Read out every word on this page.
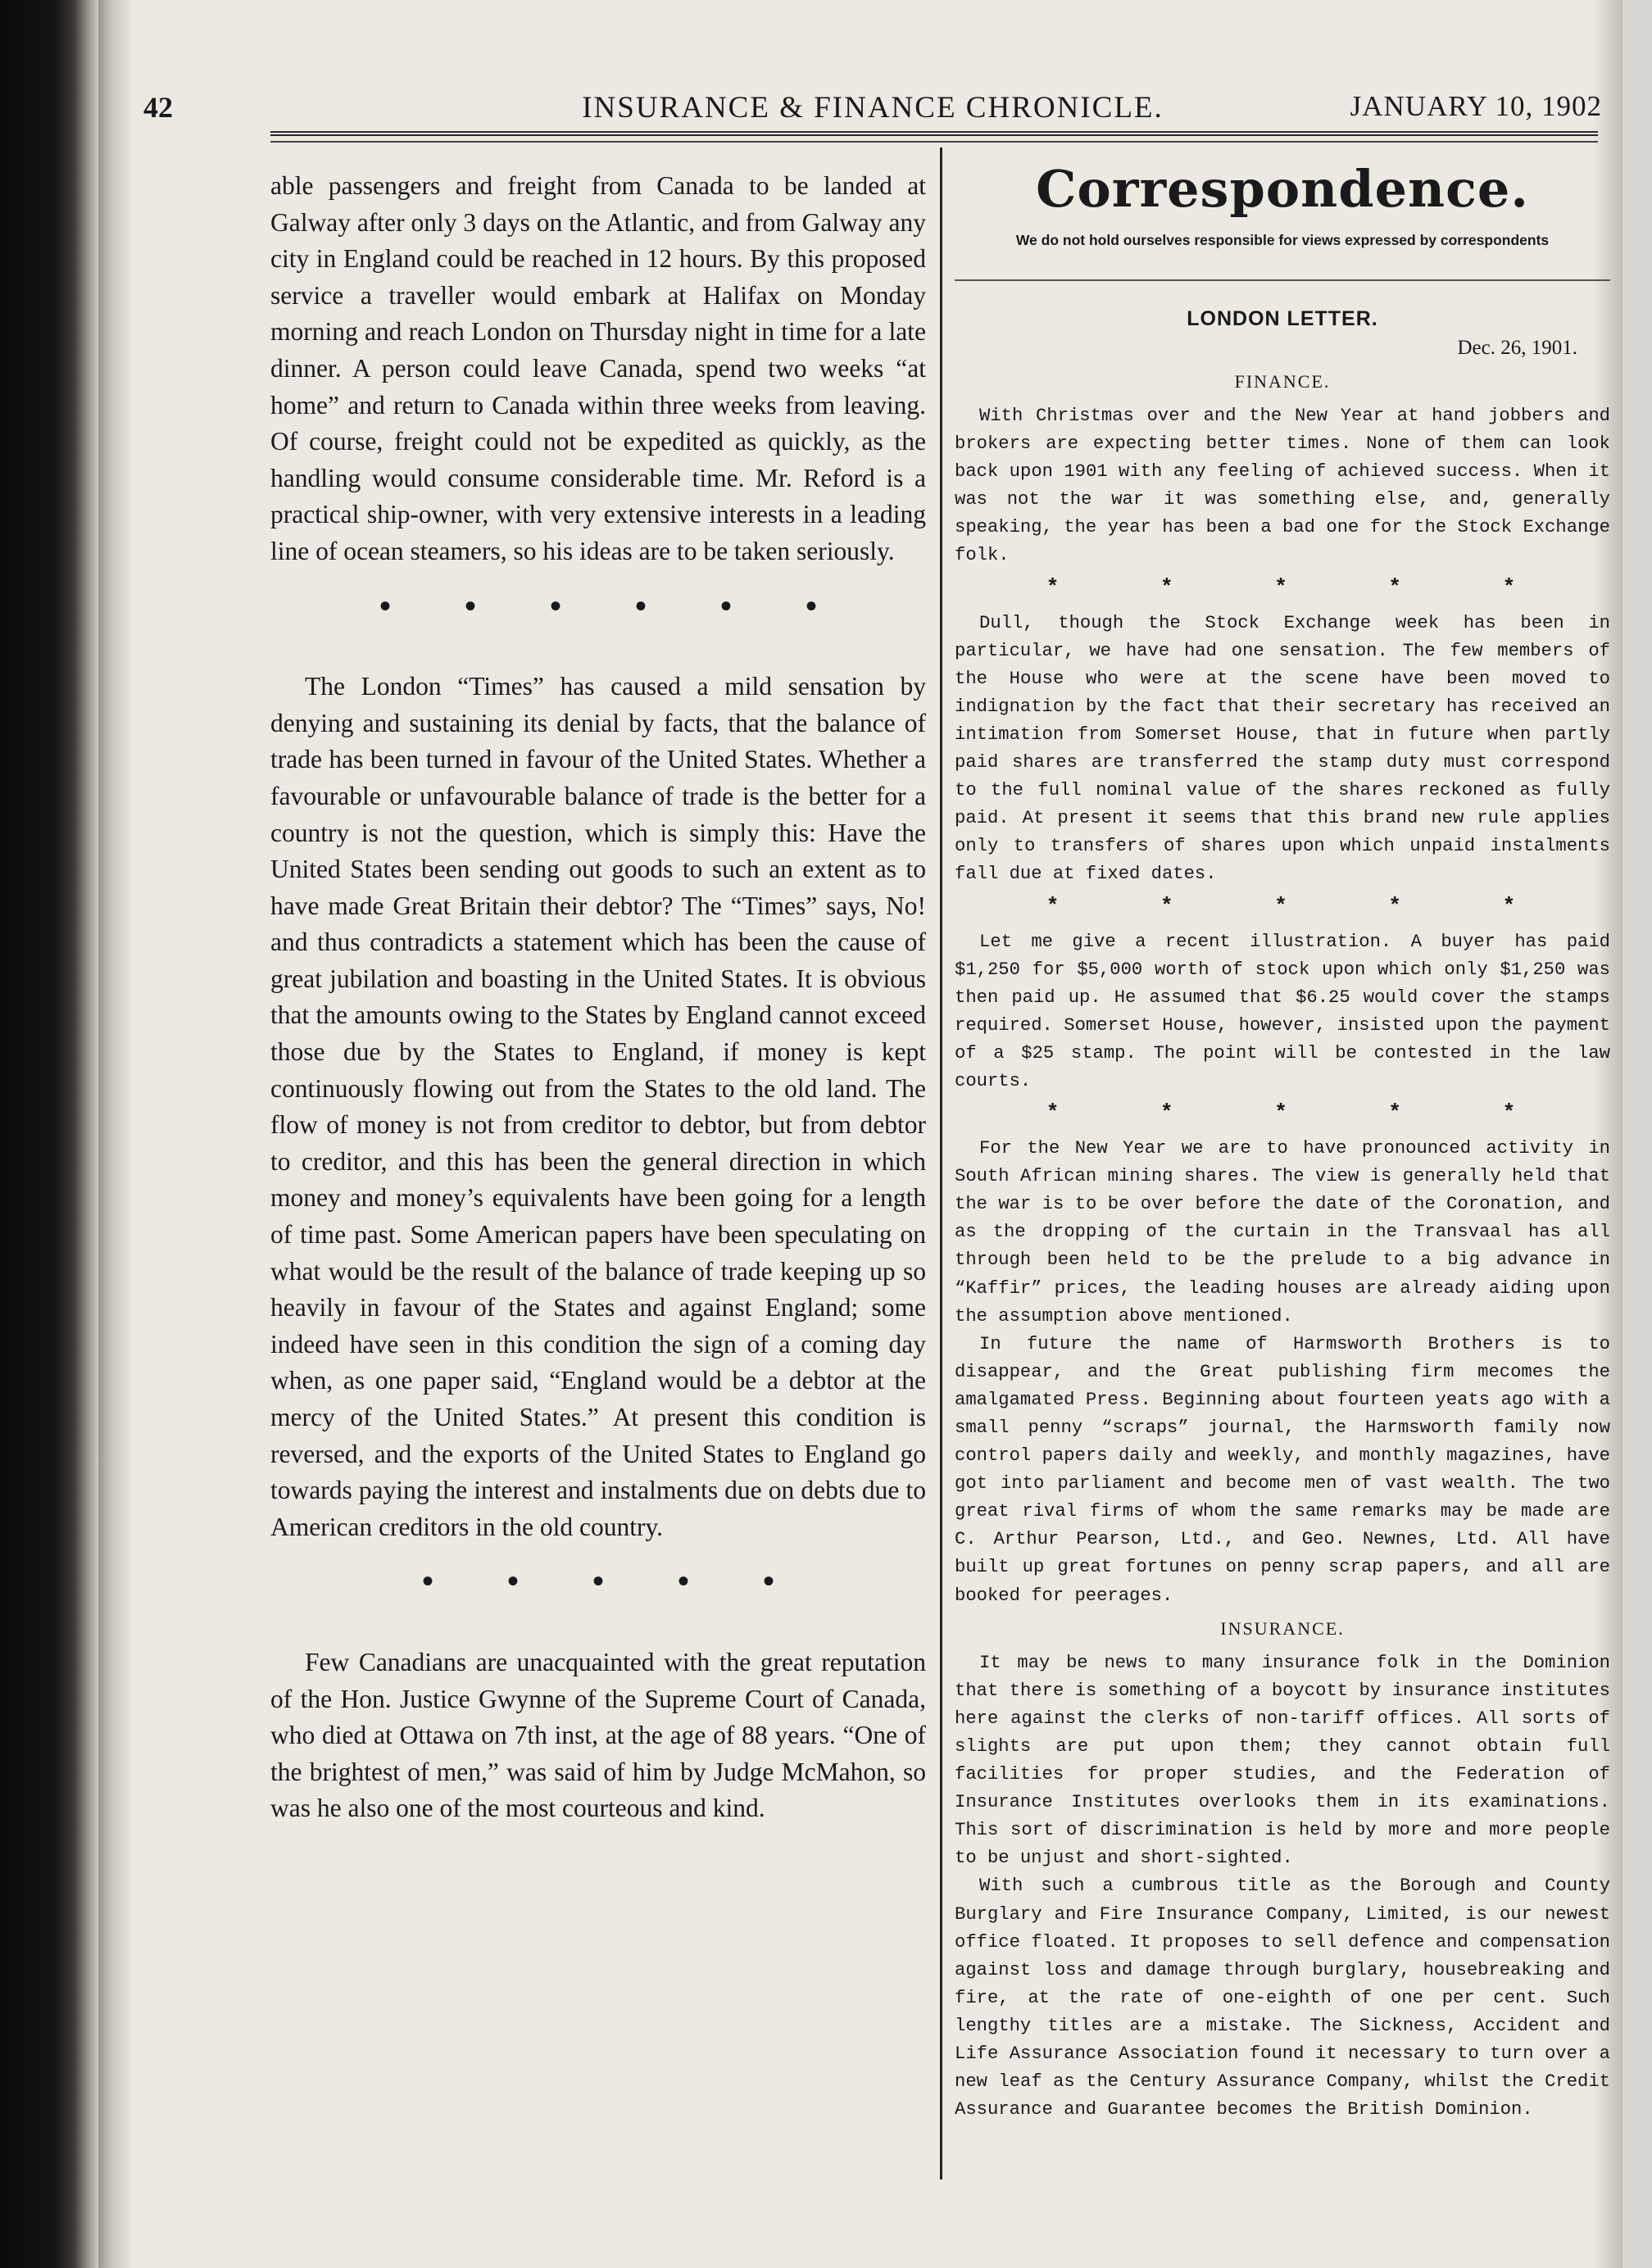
42	INSURANCE & FINANCE CHRONICLE.	JANUARY 10, 1902

able passengers and freight from Canada to be landed at Galway after only 3 days on the Atlantic, and from Galway any city in England could be reached in 12 hours. By this proposed service a traveller would embark at Halifax on Monday morning and reach London on Thursday night in time for a late dinner. A person could leave Canada, spend two weeks “at home” and return to Canada within three weeks from leaving. Of course, freight could not be expedited as quickly, as the handling would consume considerable time. Mr. Reford is a practical ship-owner, with very extensive interests in a leading line of ocean steamers, so his ideas are to be taken seriously.

• • • • • •

The London “Times” has caused a mild sensation by denying and sustaining its denial by facts, that the balance of trade has been turned in favour of the United States. Whether a favourable or unfavourable balance of trade is the better for a country is not the question, which is simply this: Have the United States been sending out goods to such an extent as to have made Great Britain their debtor? The “Times” says, No! and thus contradicts a statement which has been the cause of great jubilation and boasting in the United States. It is obvious that the amounts owing to the States by England cannot exceed those due by the States to England, if money is kept continuously flowing out from the States to the old land. The flow of money is not from creditor to debtor, but from debtor to creditor, and this has been the general direction in which money and money’s equivalents have been going for a length of time past. Some American papers have been speculating on what would be the result of the balance of trade keeping up so heavily in favour of the States and against England; some indeed have seen in this condition the sign of a coming day when, as one paper said, “England would be a debtor at the mercy of the United States.” At present this condition is reversed, and the exports of the United States to England go towards paying the interest and instalments due on debts due to American creditors in the old country.

• • • • •

Few Canadians are unacquainted with the great reputation of the Hon. Justice Gwynne of the Supreme Court of Canada, who died at Ottawa on 7th inst, at the age of 88 years. “One of the brightest of men,” was said of him by Judge McMahon, so was he also one of the most courteous and kind.

Correspondence.

We do not hold ourselves responsible for views expressed by correspondents

LONDON LETTER.
Dec. 26, 1901.
FINANCE.

With Christmas over and the New Year at hand jobbers and brokers are expecting better times. None of them can look back upon 1901 with any feeling of achieved success. When it was not the war it was something else, and, generally speaking, the year has been a bad one for the Stock Exchange folk.

* * * * *

Dull, though the Stock Exchange week has been in particular, we have had one sensation. The few members of the House who were at the scene have been moved to indignation by the fact that their secretary has received an intimation from Somerset House, that in future when partly paid shares are transferred the stamp duty must correspond to the full nominal value of the shares reckoned as fully paid. At present it seems that this brand new rule applies only to transfers of shares upon which unpaid instalments fall due at fixed dates.

* * * * *

Let me give a recent illustration. A buyer has paid $1,250 for $5,000 worth of stock upon which only $1,250 was then paid up. He assumed that $6.25 would cover the stamps required. Somerset House, however, insisted upon the payment of a $25 stamp. The point will be contested in the law courts.

* * * * *

For the New Year we are to have pronounced activity in South African mining shares. The view is generally held that the war is to be over before the date of the Coronation, and as the dropping of the curtain in the Transvaal has all through been held to be the prelude to a big advance in “Kaffir” prices, the leading houses are already aiding upon the assumption above mentioned.

In future the name of Harmsworth Brothers is to disappear, and the Great publishing firm mecomes the amalgamated Press. Beginning about fourteen yeats ago with a small penny “scraps” journal, the Harmsworth family now control papers daily and weekly, and monthly magazines, have got into parliament and become men of vast wealth. The two great rival firms of whom the same remarks may be made are C. Arthur Pearson, Ltd., and Geo. Newnes, Ltd. All have built up great fortunes on penny scrap papers, and all are booked for peerages.

INSURANCE.

It may be news to many insurance folk in the Dominion that there is something of a boycott by insurance institutes here against the clerks of non-tariff offices. All sorts of slights are put upon them; they cannot obtain full facilities for proper studies, and the Federation of Insurance Institutes overlooks them in its examinations. This sort of discrimination is held by more and more people to be unjust and short-sighted.

With such a cumbrous title as the Borough and County Burglary and Fire Insurance Company, Limited, is our newest office floated. It proposes to sell defence and compensation against loss and damage through burglary, housebreaking and fire, at the rate of one-eighth of one per cent. Such lengthy titles are a mistake. The Sickness, Accident and Life Assurance Association found it necessary to turn over a new leaf as the Century Assurance Company, whilst the Credit Assurance and Guarantee becomes the British Dominion.
